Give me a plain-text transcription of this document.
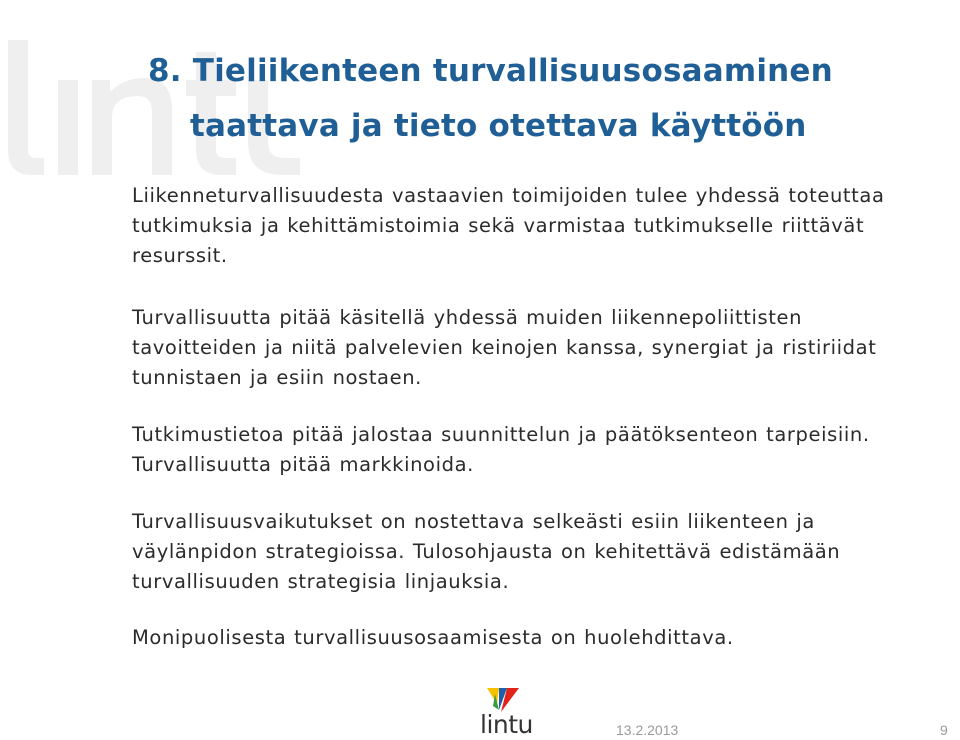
8. Tieliikenteen turvallisuusosaaminen
taattava ja tieto otettava käyttöön

Liikenneturvallisuudesta vastaavien toimijoiden tulee yhdessä toteuttaa tutkimuksia ja kehittämistoimia sekä varmistaa tutkimukselle riittävät resurssit.

Turvallisuutta pitää käsitellä yhdessä muiden liikennepoliittisten tavoitteiden ja niitä palvelevien keinojen kanssa, synergiat ja ristiriidat tunnistaen ja esiin nostaen.

Tutkimustietoa pitää jalostaa suunnittelun ja päätöksenteon tarpeisiin. Turvallisuutta pitää markkinoida.

Turvallisuusvaikutukset on nostettava selkeästi esiin liikenteen ja väylänpidon strategioissa. Tulosohjausta on kehitettävä edistämään turvallisuuden strategisia linjauksia.

Monipuolisesta turvallisuusosaamisesta on huolehdittava.

lintu	13.2.2013	9
